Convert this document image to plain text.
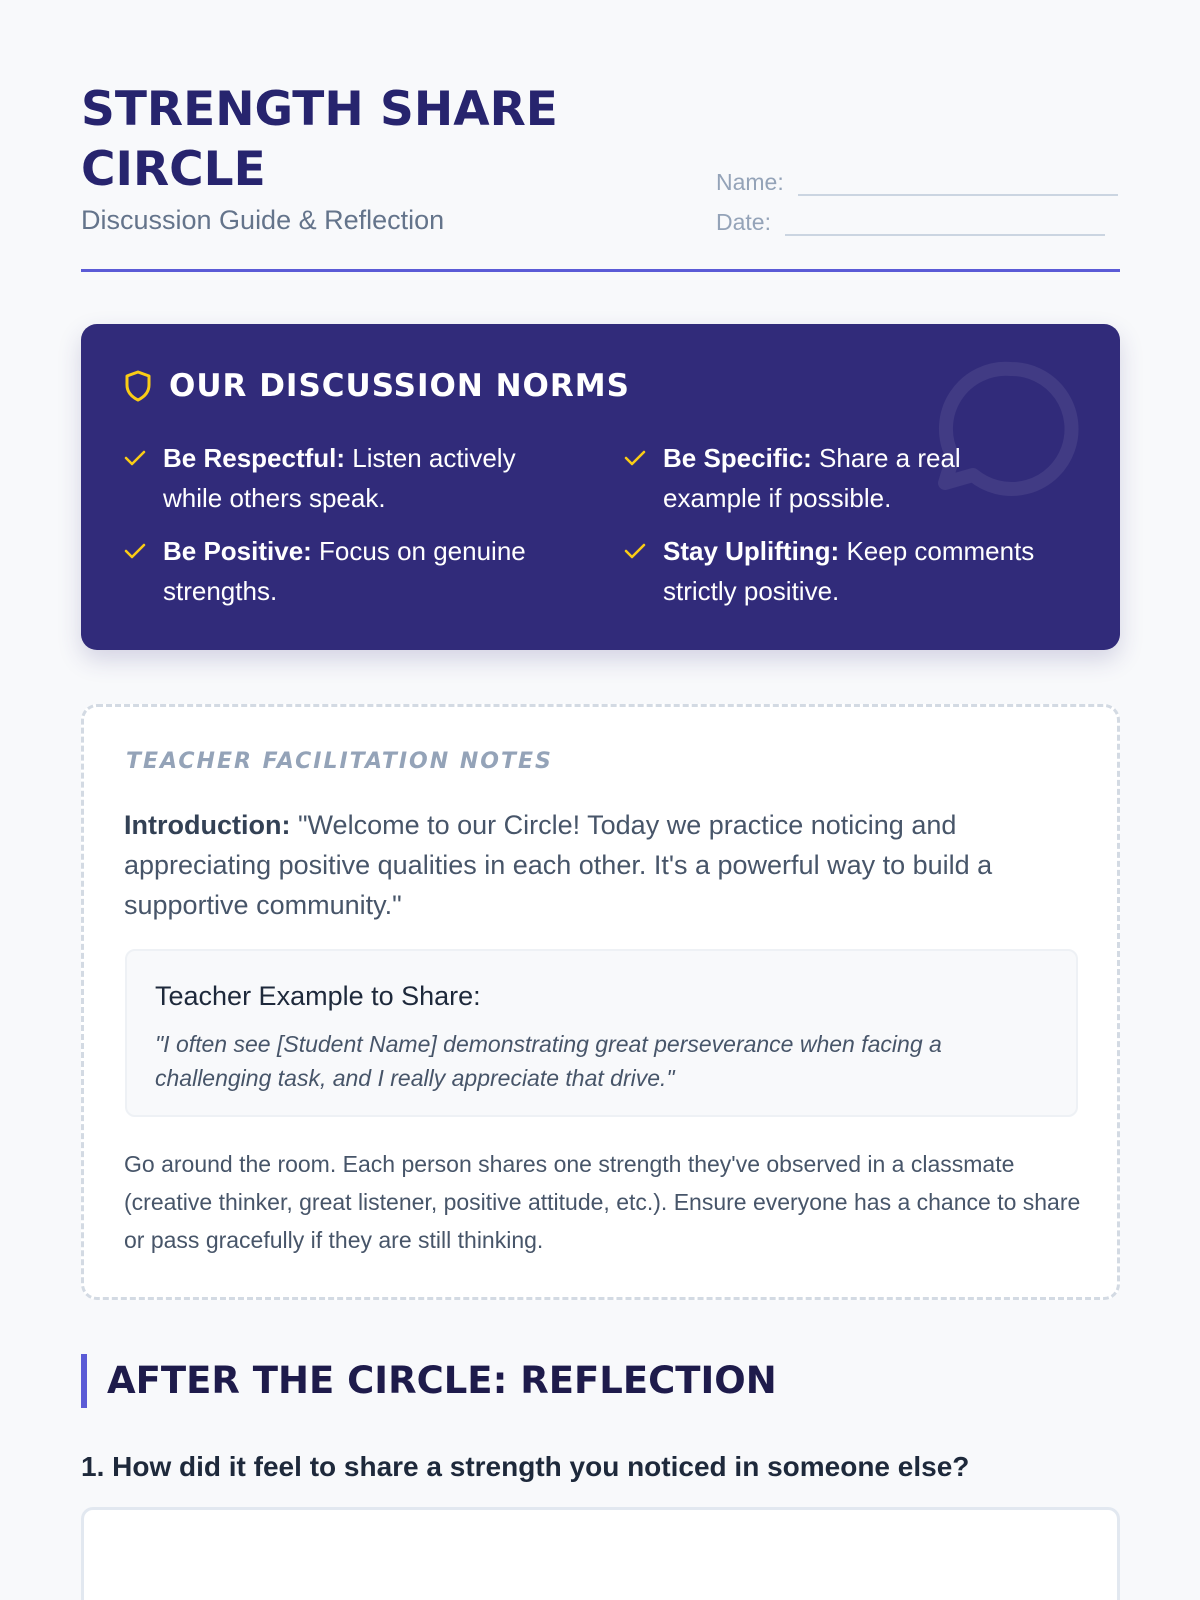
STRENGTH SHARE CIRCLE
Discussion Guide & Reflection
Name:
Date:
OUR DISCUSSION NORMS
Be Respectful: Listen actively while others speak.
Be Specific: Share a real example if possible.
Be Positive: Focus on genuine strengths.
Stay Uplifting: Keep comments strictly positive.
TEACHER FACILITATION NOTES

Introduction: "Welcome to our Circle! Today we practice noticing and appreciating positive qualities in each other. It's a powerful way to build a supportive community."

Teacher Example to Share:
"I often see [Student Name] demonstrating great perseverance when facing a challenging task, and I really appreciate that drive."

Go around the room. Each person shares one strength they've observed in a classmate (creative thinker, great listener, positive attitude, etc.). Ensure everyone has a chance to share or pass gracefully if they are still thinking.

AFTER THE CIRCLE: REFLECTION
1. How did it feel to share a strength you noticed in someone else?
